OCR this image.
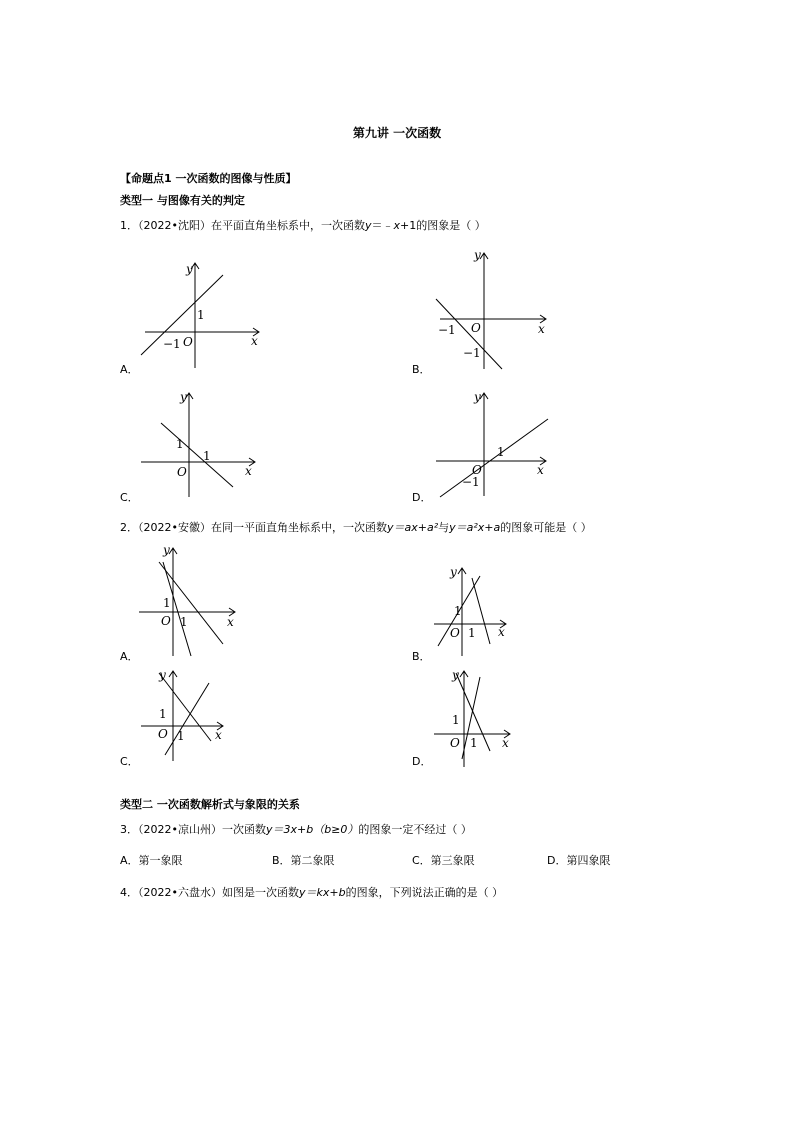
第九讲 一次函数
【命题点1 一次函数的图像与性质】
类型一 与图像有关的判定
1．（2022•沈阳）在平面直角坐标系中，一次函数y＝﹣x+1的图象是（ ）
y
x
O
1
−1
A．
y
x
O
−1
−1
B．
y
x
O
1
1
C．
y
x
O
1
−1
D．
2．（2022•安徽）在同一平面直角坐标系中，一次函数y＝ax+a²与y＝a²x+a的图象可能是（ ）
y
x
O
1
1
A．
y
x
O
1
1
B．
y
x
O
1
1
C．
y
x
O
1
1
D．
类型二 一次函数解析式与象限的关系
3．（2022•凉山州）一次函数y＝3x+b（b≥0）的图象一定不经过（ ）
A．第一象限	B．第二象限	C．第三象限	D．第四象限
4．（2022•六盘水）如图是一次函数y＝kx+b的图象，下列说法正确的是（ ）
